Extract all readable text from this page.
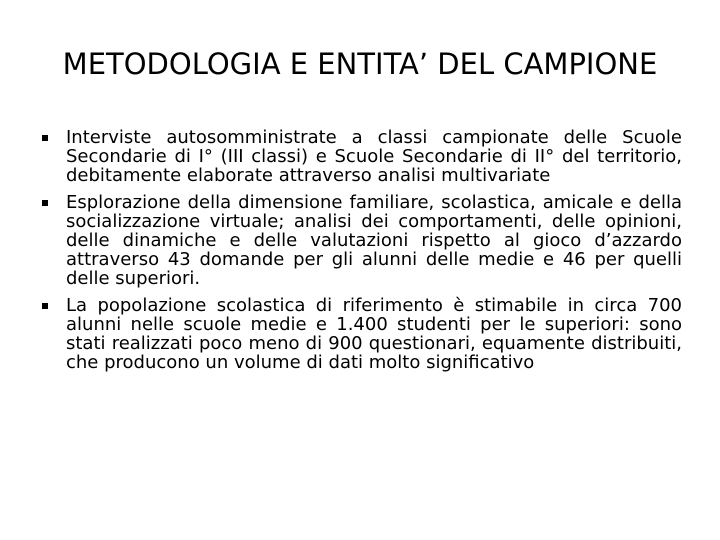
METODOLOGIA E ENTITA’ DEL CAMPIONE
Interviste autosomministrate a classi campionate delle Scuole Secondarie di I° (III classi) e Scuole Secondarie di II° del territorio, debitamente elaborate attraverso analisi multivariate
Esplorazione della dimensione familiare, scolastica, amicale e della socializzazione virtuale; analisi dei comportamenti, delle opinioni, delle dinamiche e delle valutazioni rispetto al gioco d’azzardo attraverso 43 domande per gli alunni delle medie e 46 per quelli delle superiori.
La popolazione scolastica di riferimento è stimabile in circa 700 alunni nelle scuole medie e 1.400 studenti per le superiori: sono stati realizzati poco meno di 900 questionari, equamente distribuiti, che producono un volume di dati molto significativo
